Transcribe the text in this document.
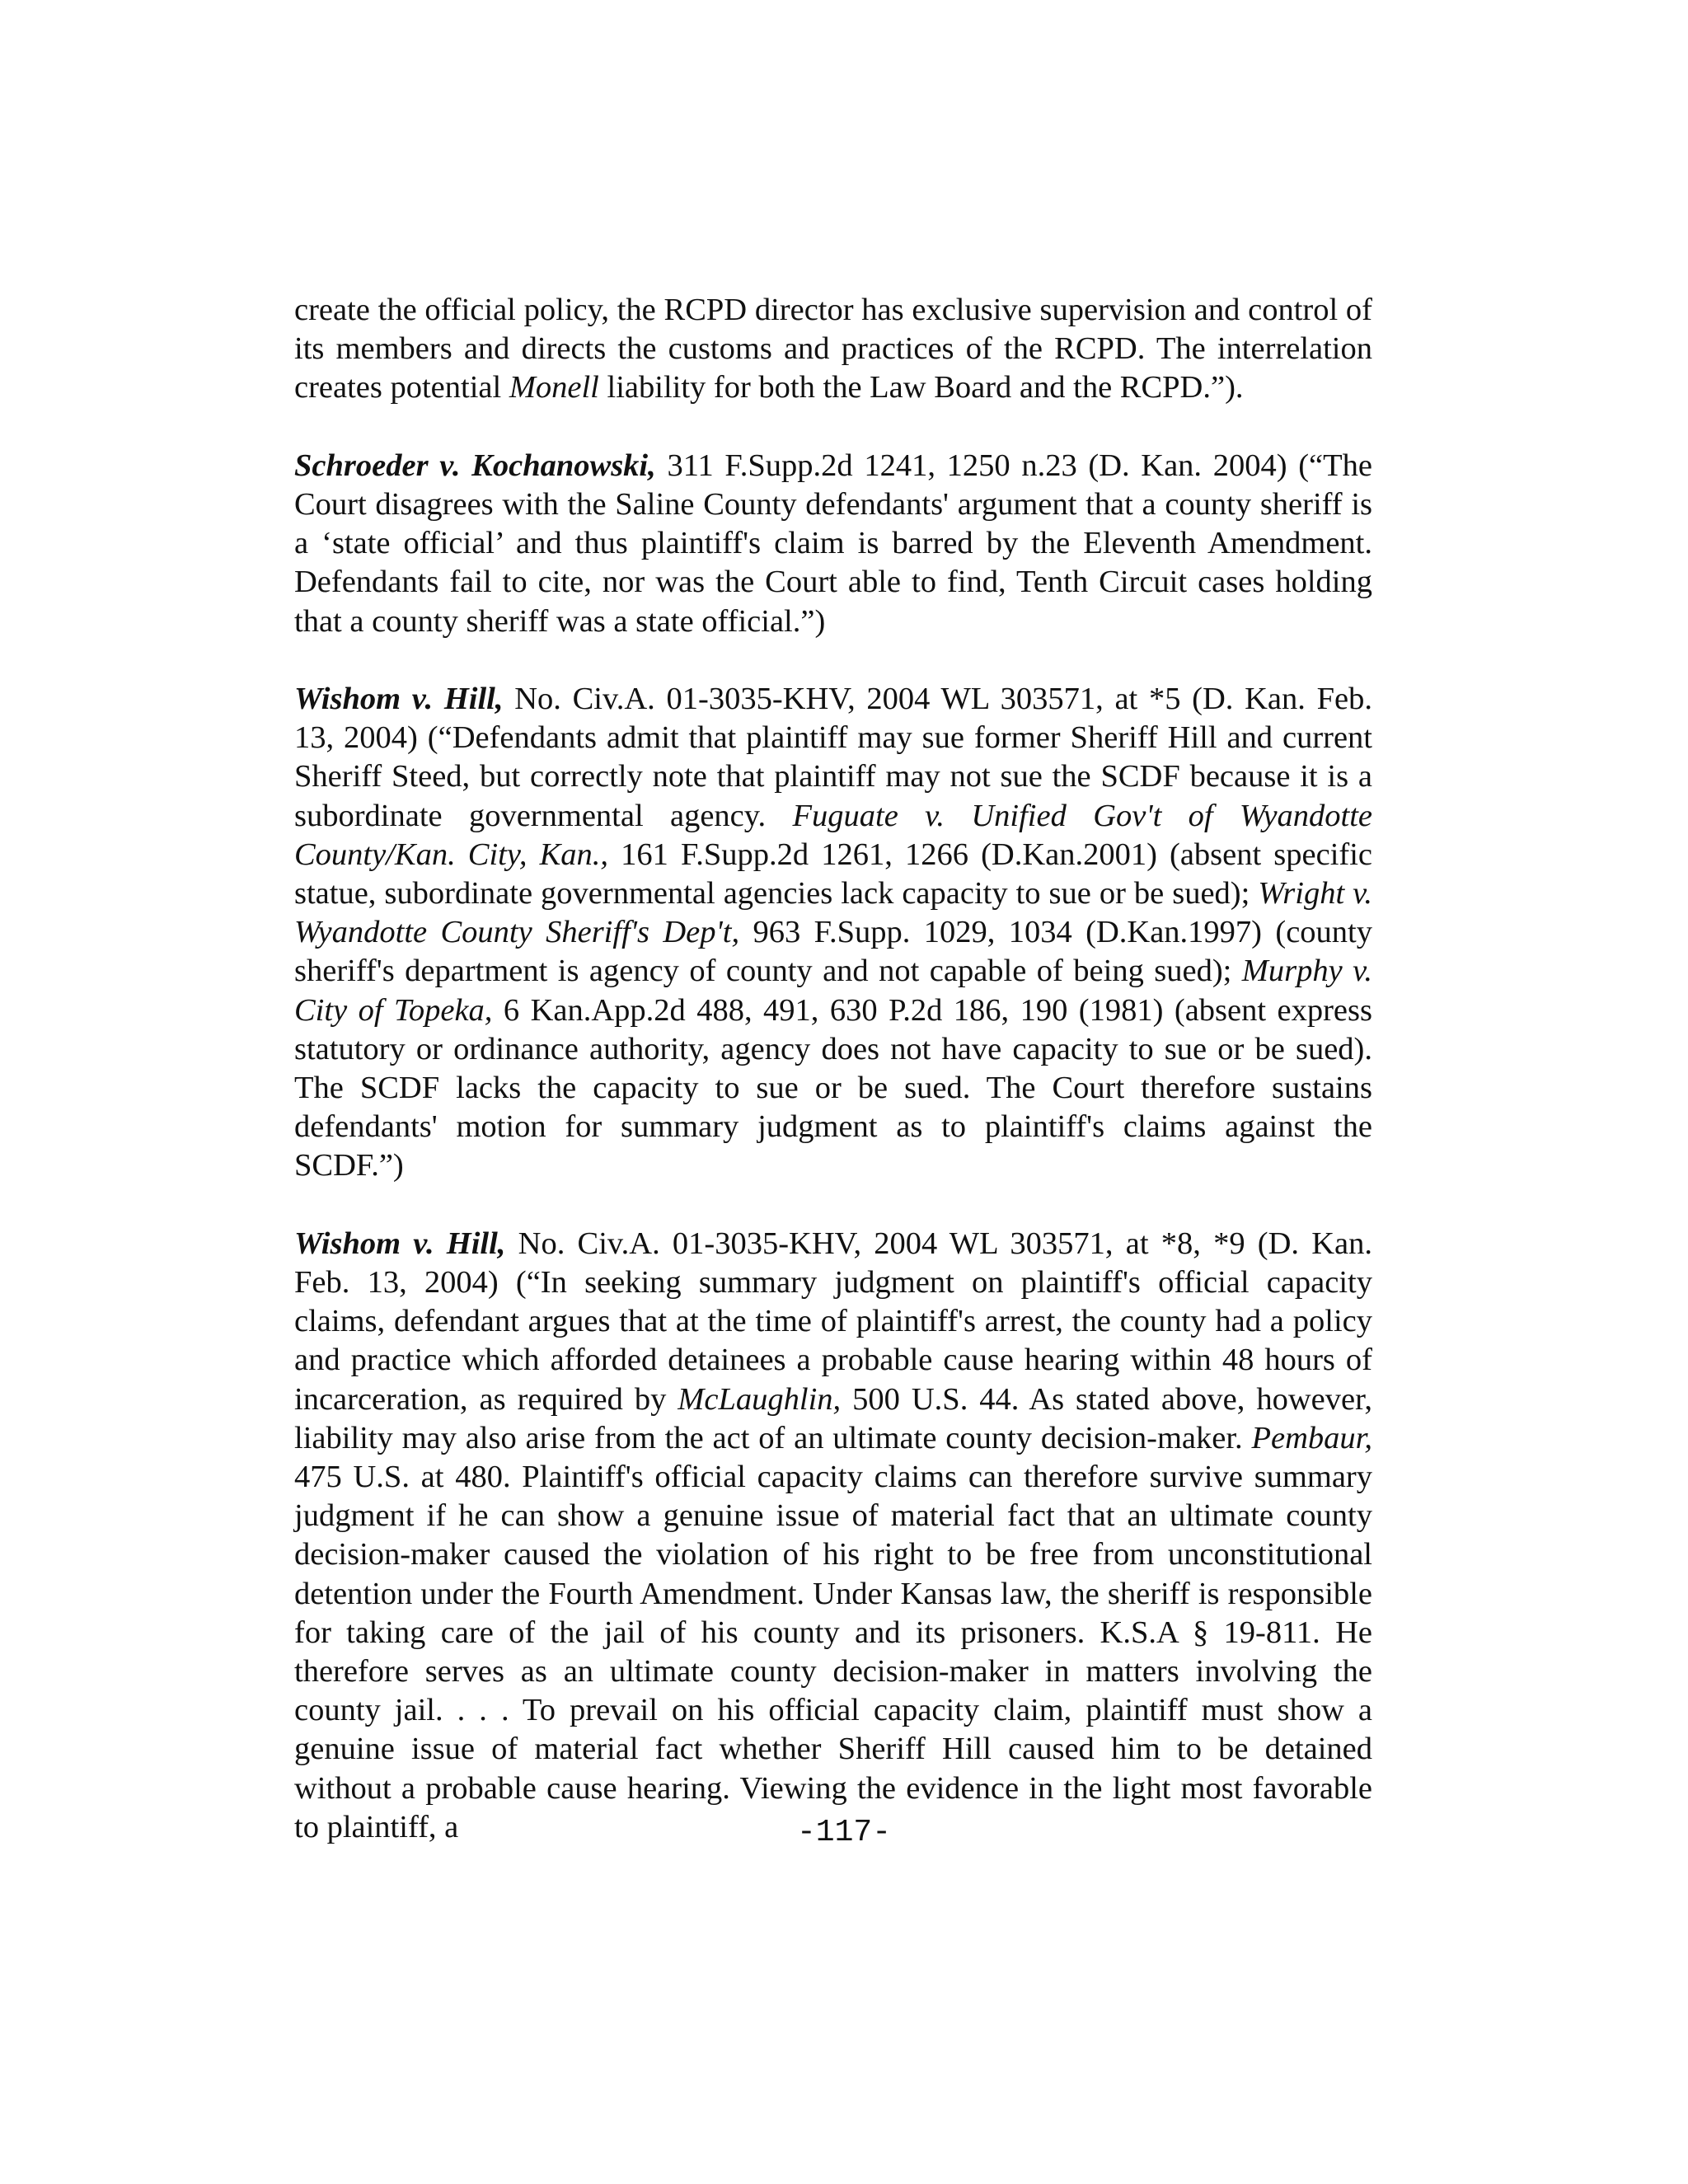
create the official policy, the RCPD director has exclusive supervision and control of its members and directs the customs and practices of the RCPD. The interrelation creates potential Monell liability for both the Law Board and the RCPD.”).

Schroeder v. Kochanowski, 311 F.Supp.2d 1241, 1250 n.23 (D. Kan. 2004) (“The Court disagrees with the Saline County defendants' argument that a county sheriff is a ‘state official’ and thus plaintiff's claim is barred by the Eleventh Amendment. Defendants fail to cite, nor was the Court able to find, Tenth Circuit cases holding that a county sheriff was a state official.”)

Wishom v. Hill, No. Civ.A. 01-3035-KHV, 2004 WL 303571, at *5 (D. Kan. Feb. 13, 2004) (“Defendants admit that plaintiff may sue former Sheriff Hill and current Sheriff Steed, but correctly note that plaintiff may not sue the SCDF because it is a subordinate governmental agency. Fuguate v. Unified Gov't of Wyandotte County/Kan. City, Kan., 161 F.Supp.2d 1261, 1266 (D.Kan.2001) (absent specific statue, subordinate governmental agencies lack capacity to sue or be sued); Wright v. Wyandotte County Sheriff's Dep't, 963 F.Supp. 1029, 1034 (D.Kan.1997) (county sheriff's department is agency of county and not capable of being sued); Murphy v. City of Topeka, 6 Kan.App.2d 488, 491, 630 P.2d 186, 190 (1981) (absent express statutory or ordinance authority, agency does not have capacity to sue or be sued). The SCDF lacks the capacity to sue or be sued. The Court therefore sustains defendants' motion for summary judgment as to plaintiff's claims against the SCDF.”)

Wishom v. Hill, No. Civ.A. 01-3035-KHV, 2004 WL 303571, at *8, *9 (D. Kan. Feb. 13, 2004) (“In seeking summary judgment on plaintiff's official capacity claims, defendant argues that at the time of plaintiff's arrest, the county had a policy and practice which afforded detainees a probable cause hearing within 48 hours of incarceration, as required by McLaughlin, 500 U.S. 44. As stated above, however, liability may also arise from the act of an ultimate county decision-maker. Pembaur, 475 U.S. at 480. Plaintiff's official capacity claims can therefore survive summary judgment if he can show a genuine issue of material fact that an ultimate county decision-maker caused the violation of his right to be free from unconstitutional detention under the Fourth Amendment. Under Kansas law, the sheriff is responsible for taking care of the jail of his county and its prisoners. K.S.A § 19-811. He therefore serves as an ultimate county decision-maker in matters involving the county jail. . . . To prevail on his official capacity claim, plaintiff must show a genuine issue of material fact whether Sheriff Hill caused him to be detained without a probable cause hearing. Viewing the evidence in the light most favorable to plaintiff, a	-117-
